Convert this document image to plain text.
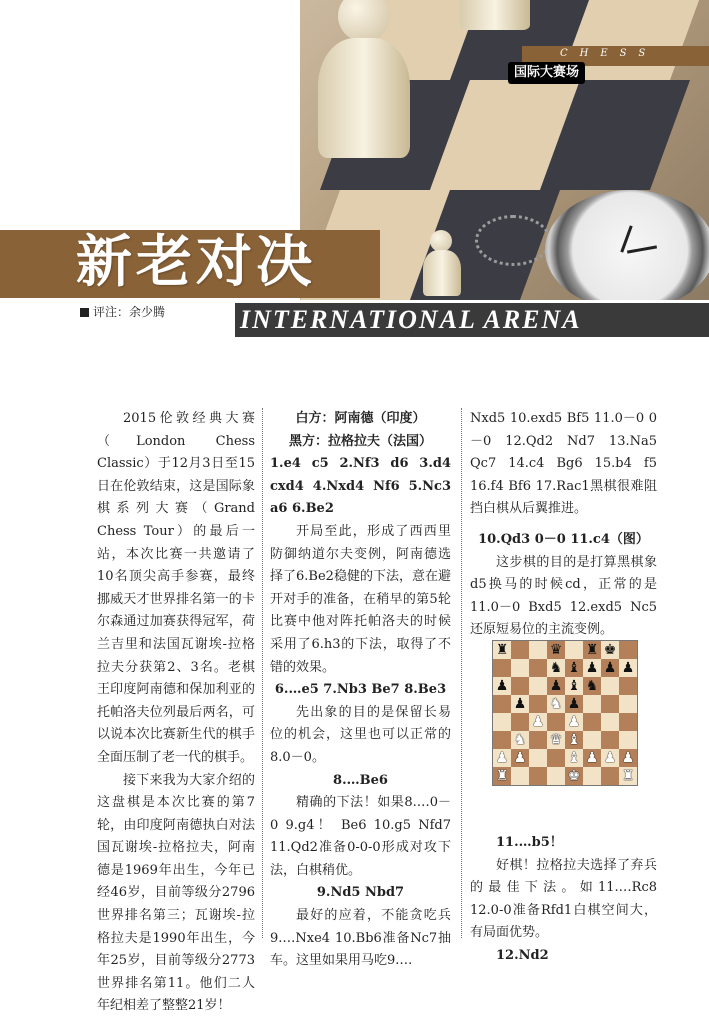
CHESS
国际大赛场
新老对决
评注：余少腾	INTERNATIONAL ARENA

2015伦敦经典大赛（London Chess Classic）于12月3日至15日在伦敦结束，这是国际象棋系列大赛（Grand Chess Tour）的最后一站，本次比赛一共邀请了10名顶尖高手参赛，最终挪威天才世界排名第一的卡尔森通过加赛获得冠军，荷兰吉里和法国瓦谢埃-拉格拉夫分获第2、3名。老棋王印度阿南德和保加利亚的托帕洛夫位列最后两名，可以说本次比赛新生代的棋手全面压制了老一代的棋手。

接下来我为大家介绍的这盘棋是本次比赛的第7轮，由印度阿南德执白对法国瓦谢埃-拉格拉夫，阿南德是1969年出生，今年已经46岁，目前等级分2796世界排名第三；瓦谢埃-拉格拉夫是1990年出生，今年25岁，目前等级分2773世界排名第11。他们二人年纪相差了整整21岁！

白方：阿南德（印度）

黑方：拉格拉夫（法国）

1.e4 c5 2.Nf3 d6 3.d4 cxd4 4.Nxd4 Nf6 5.Nc3 a6 6.Be2

开局至此，形成了西西里防御纳道尔夫变例，阿南德选择了6.Be2稳健的下法，意在避开对手的准备，在稍早的第5轮比赛中他对阵托帕洛夫的时候采用了6.h3的下法，取得了不错的效果。

6.…e5 7.Nb3 Be7 8.Be3

先出象的目的是保留长易位的机会，这里也可以正常的8.0－0。

8.…Be6

精确的下法！如果8.…0－0 9.g4！ Be6 10.g5 Nfd7 11.Qd2准备0-0-0形成对攻下法，白棋稍优。

9.Nd5 Nbd7

最好的应着，不能贪吃兵9.…Nxe4 10.Bb6准备Nc7抽车。这里如果用马吃9.…

Nxd5 10.exd5 Bf5 11.0－0 0－0 12.Qd2 Nd7 13.Na5 Qc7 14.c4 Bg6 15.b4 f5 16.f4 Bf6 17.Rac1黑棋很难阻挡白棋从后翼推进。

10.Qd3 0－0 11.c4（图）

这步棋的目的是打算黑棋象d5换马的时候cd，正常的是11.0－0 Bxd5 12.exd5 Nc5还原短易位的主流变例。

11.…b5！

好棋！拉格拉夫选择了弃兵的最佳下法。如11.…Rc8 12.0-0准备Rfd1白棋空间大，有局面优势。

12.Nd2

♜	♛ ♜ ♚
♞ ♝ ♟ ♟ ♟
♟	♟ ♝ ♞
♟ ♞ ♟
♟ ♟
♞ ♛ ♝
♟ ♟	♝ ♟ ♟ ♟
♜	♚	♜
